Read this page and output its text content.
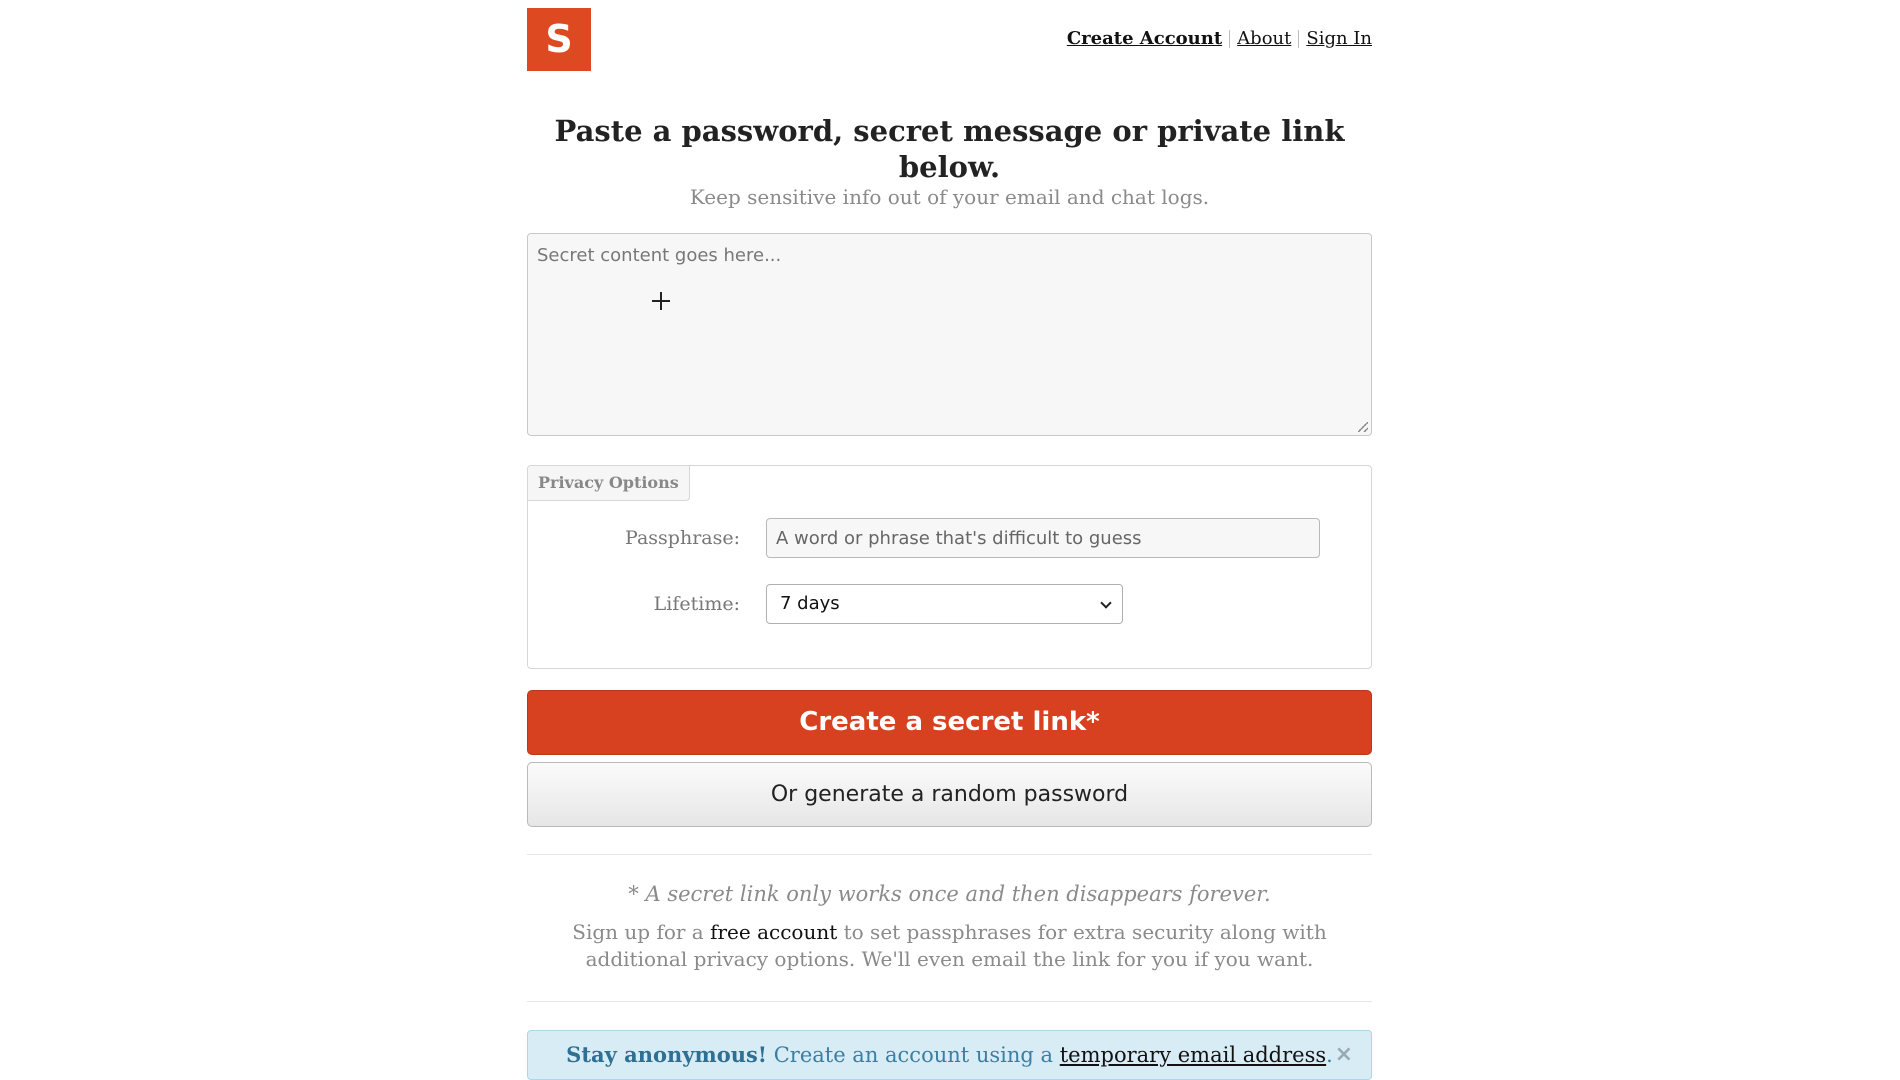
S	Create Account About Sign In
Paste a password, secret message or private link below.

Keep sensitive info out of your email and chat logs.

Secret content goes here...
Privacy Options
Passphrase:
A word or phrase that's difficult to guess
Lifetime:	7 days
Create a secret link*
Or generate a random password

* A secret link only works once and then disappears forever.

Sign up for a free account to set passphrases for extra security along with additional privacy options. We'll even email the link for you if you want.

Stay anonymous! Create an account using a temporary email address. ×
